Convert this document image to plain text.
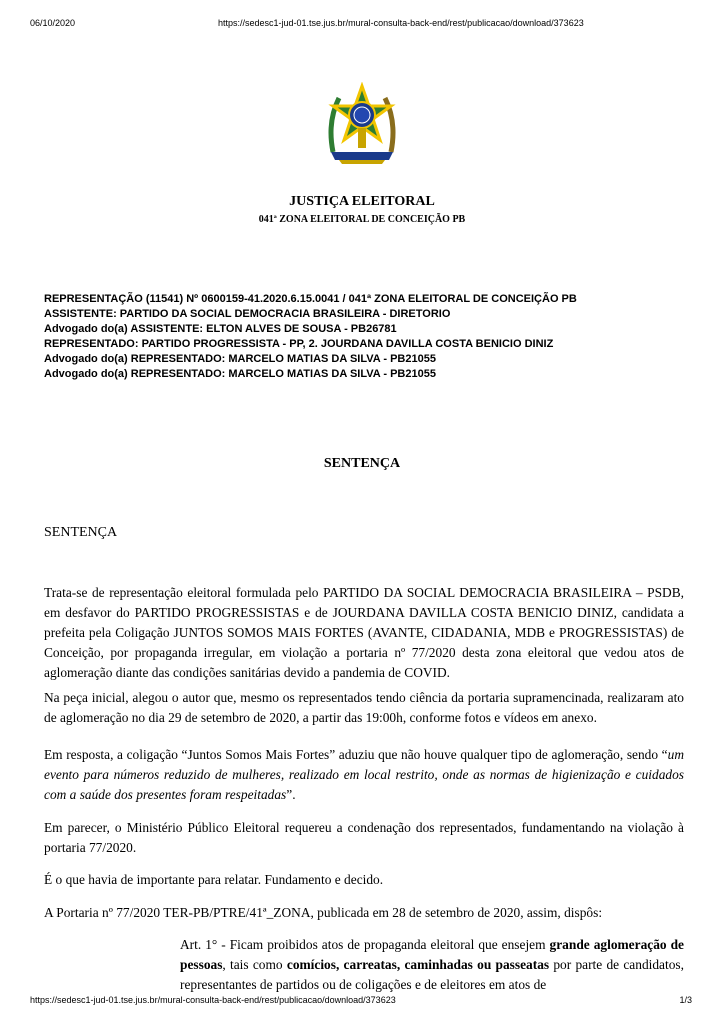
06/10/2020	https://sedesc1-jud-01.tse.jus.br/mural-consulta-back-end/rest/publicacao/download/373623
JUSTIÇA ELEITORAL
041ª ZONA ELEITORAL DE CONCEIÇÃO PB
REPRESENTAÇÃO (11541) Nº 0600159-41.2020.6.15.0041 / 041ª ZONA ELEITORAL DE CONCEIÇÃO PB
ASSISTENTE: PARTIDO DA SOCIAL DEMOCRACIA BRASILEIRA - DIRETORIO
Advogado do(a) ASSISTENTE: ELTON ALVES DE SOUSA - PB26781
REPRESENTADO: PARTIDO PROGRESSISTA - PP, 2. JOURDANA DAVILLA COSTA BENICIO DINIZ
Advogado do(a) REPRESENTADO: MARCELO MATIAS DA SILVA - PB21055
Advogado do(a) REPRESENTADO: MARCELO MATIAS DA SILVA - PB21055
SENTENÇA
SENTENÇA
Trata-se de representação eleitoral formulada pelo PARTIDO DA SOCIAL DEMOCRACIA BRASILEIRA – PSDB, em desfavor do PARTIDO PROGRESSISTAS e de JOURDANA DAVILLA COSTA BENICIO DINIZ, candidata a prefeita pela Coligação JUNTOS SOMOS MAIS FORTES (AVANTE, CIDADANIA, MDB e PROGRESSISTAS) de Conceição, por propaganda irregular, em violação a portaria nº 77/2020 desta zona eleitoral que vedou atos de aglomeração diante das condições sanitárias devido a pandemia de COVID.
Na peça inicial, alegou o autor que, mesmo os representados tendo ciência da portaria supramencinada, realizaram ato de aglomeração no dia 29 de setembro de 2020, a partir das 19:00h, conforme fotos e vídeos em anexo.
Em resposta, a coligação “Juntos Somos Mais Fortes” aduziu que não houve qualquer tipo de aglomeração, sendo “um evento para números reduzido de mulheres, realizado em local restrito, onde as normas de higienização e cuidados com a saúde dos presentes foram respeitadas”.
Em parecer, o Ministério Público Eleitoral requereu a condenação dos representados, fundamentando na violação à portaria 77/2020.
É o que havia de importante para relatar. Fundamento e decido.
A Portaria nº 77/2020 TER-PB/PTRE/41ª_ZONA, publicada em 28 de setembro de 2020, assim, dispôs:
Art. 1° - Ficam proibidos atos de propaganda eleitoral que ensejem grande aglomeração de pessoas, tais como comícios, carreatas, caminhadas ou passeatas por parte de candidatos, representantes de partidos ou de coligações e de eleitores em atos de
https://sedesc1-jud-01.tse.jus.br/mural-consulta-back-end/rest/publicacao/download/373623	1/3
